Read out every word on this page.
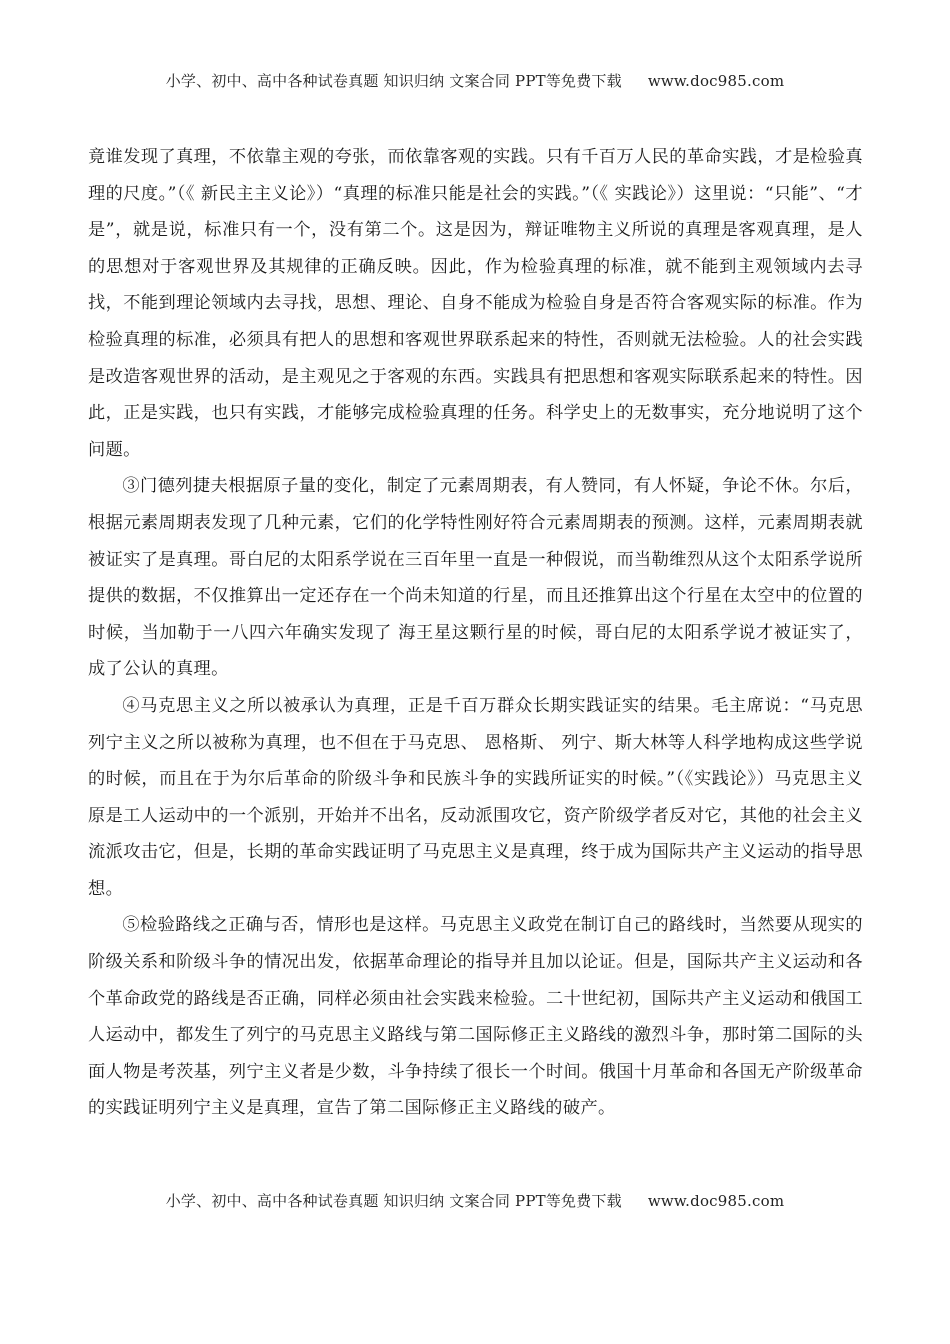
小学、初中、高中各种试卷真题 知识归纳 文案合同 PPT等免费下载 www.doc985.com

竟谁发现了真理，不依靠主观的夸张，而依靠客观的实践。只有千百万人民的革命实践，才是检验真理的尺度。”（《 新民主主义论》）“真理的标准只能是社会的实践。”（《 实践论》）这里说：“只能”、“才是”，就是说，标准只有一个，没有第二个。这是因为，辩证唯物主义所说的真理是客观真理，是人的思想对于客观世界及其规律的正确反映。因此，作为检验真理的标准，就不能到主观领域内去寻找，不能到理论领域内去寻找，思想、理论、自身不能成为检验自身是否符合客观实际的标准。作为检验真理的标准，必须具有把人的思想和客观世界联系起来的特性，否则就无法检验。人的社会实践是改造客观世界的活动，是主观见之于客观的东西。实践具有把思想和客观实际联系起来的特性。因此，正是实践，也只有实践，才能够完成检验真理的任务。科学史上的无数事实，充分地说明了这个问题。

③门德列捷夫根据原子量的变化，制定了元素周期表，有人赞同，有人怀疑，争论不休。尔后，根据元素周期表发现了几种元素，它们的化学特性刚好符合元素周期表的预测。这样，元素周期表就被证实了是真理。哥白尼的太阳系学说在三百年里一直是一种假说，而当勒维烈从这个太阳系学说所提供的数据，不仅推算出一定还存在一个尚未知道的行星，而且还推算出这个行星在太空中的位置的时候，当加勒于一八四六年确实发现了 海王星这颗行星的时候，哥白尼的太阳系学说才被证实了，成了公认的真理。

④马克思主义之所以被承认为真理，正是千百万群众长期实践证实的结果。毛主席说：“马克思列宁主义之所以被称为真理，也不但在于马克思、 恩格斯、 列宁、斯大林等人科学地构成这些学说的时候，而且在于为尔后革命的阶级斗争和民族斗争的实践所证实的时候。”（《实践论》）马克思主义原是工人运动中的一个派别，开始并不出名，反动派围攻它，资产阶级学者反对它，其他的社会主义流派攻击它，但是，长期的革命实践证明了马克思主义是真理，终于成为国际共产主义运动的指导思想。

⑤检验路线之正确与否，情形也是这样。马克思主义政党在制订自己的路线时，当然要从现实的阶级关系和阶级斗争的情况出发，依据革命理论的指导并且加以论证。但是，国际共产主义运动和各个革命政党的路线是否正确，同样必须由社会实践来检验。二十世纪初，国际共产主义运动和俄国工人运动中，都发生了列宁的马克思主义路线与第二国际修正主义路线的激烈斗争，那时第二国际的头面人物是考茨基，列宁主义者是少数，斗争持续了很长一个时间。俄国十月革命和各国无产阶级革命的实践证明列宁主义是真理，宣告了第二国际修正主义路线的破产。

小学、初中、高中各种试卷真题 知识归纳 文案合同 PPT等免费下载 www.doc985.com
